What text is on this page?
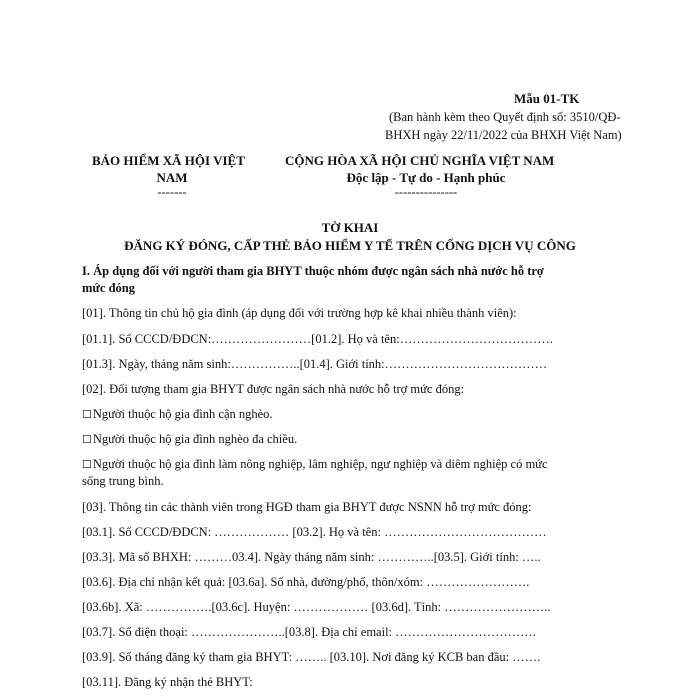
Mẫu 01-TK
(Ban hành kèm theo Quyết định số: 3510/QĐ-
BHXH ngày 22/11/2022 của BHXH Việt Nam)
BẢO HIỂM XÃ HỘI VIỆT
NAM
-------
CỘNG HÒA XÃ HỘI CHỦ NGHĨA VIỆT NAM
Độc lập - Tự do - Hạnh phúc
---------------
TỜ KHAI
ĐĂNG KÝ ĐÓNG, CẤP THẺ BẢO HIỂM Y TẾ TRÊN CỔNG DỊCH VỤ CÔNG
I. Áp dụng đối với người tham gia BHYT thuộc nhóm được ngân sách nhà nước hỗ trợ
mức đóng
[01]. Thông tin chủ hộ gia đình (áp dụng đối với trường hợp kê khai nhiều thành viên):
[01.1]. Số CCCD/ĐDCN:……………………[01.2]. Họ và tên:……………………………….
[01.3]. Ngày, tháng năm sinh:……………..[01.4]. Giới tính:…………………………………
[02]. Đối tượng tham gia BHYT được ngân sách nhà nước hỗ trợ mức đóng:
☐Người thuộc hộ gia đình cận nghèo.
☐Người thuộc hộ gia đình nghèo đa chiều.
☐Người thuộc hộ gia đình làm nông nghiệp, lâm nghiệp, ngư nghiệp và diêm nghiệp có mức
sống trung bình.
[03]. Thông tin các thành viên trong HGĐ tham gia BHYT được NSNN hỗ trợ mức đóng:
[03.1]. Số CCCD/ĐDCN: ……………… [03.2]. Họ và tên: …………………………………
[03.3]. Mã số BHXH: ………03.4]. Ngày tháng năm sinh: …………..[03.5]. Giới tính: …..
[03.6]. Địa chỉ nhận kết quả: [03.6a]. Số nhà, đường/phố, thôn/xóm: …………………….
[03.6b]. Xã: …………….[03.6c]. Huyện: ……………… [03.6d]. Tỉnh: ……………………..
[03.7]. Số điện thoại: …………………..[03.8]. Địa chỉ email: …………………………….
[03.9]. Số tháng đăng ký tham gia BHYT: …….. [03.10]. Nơi đăng ký KCB ban đầu: …….
[03.11]. Đăng ký nhận thẻ BHYT:
